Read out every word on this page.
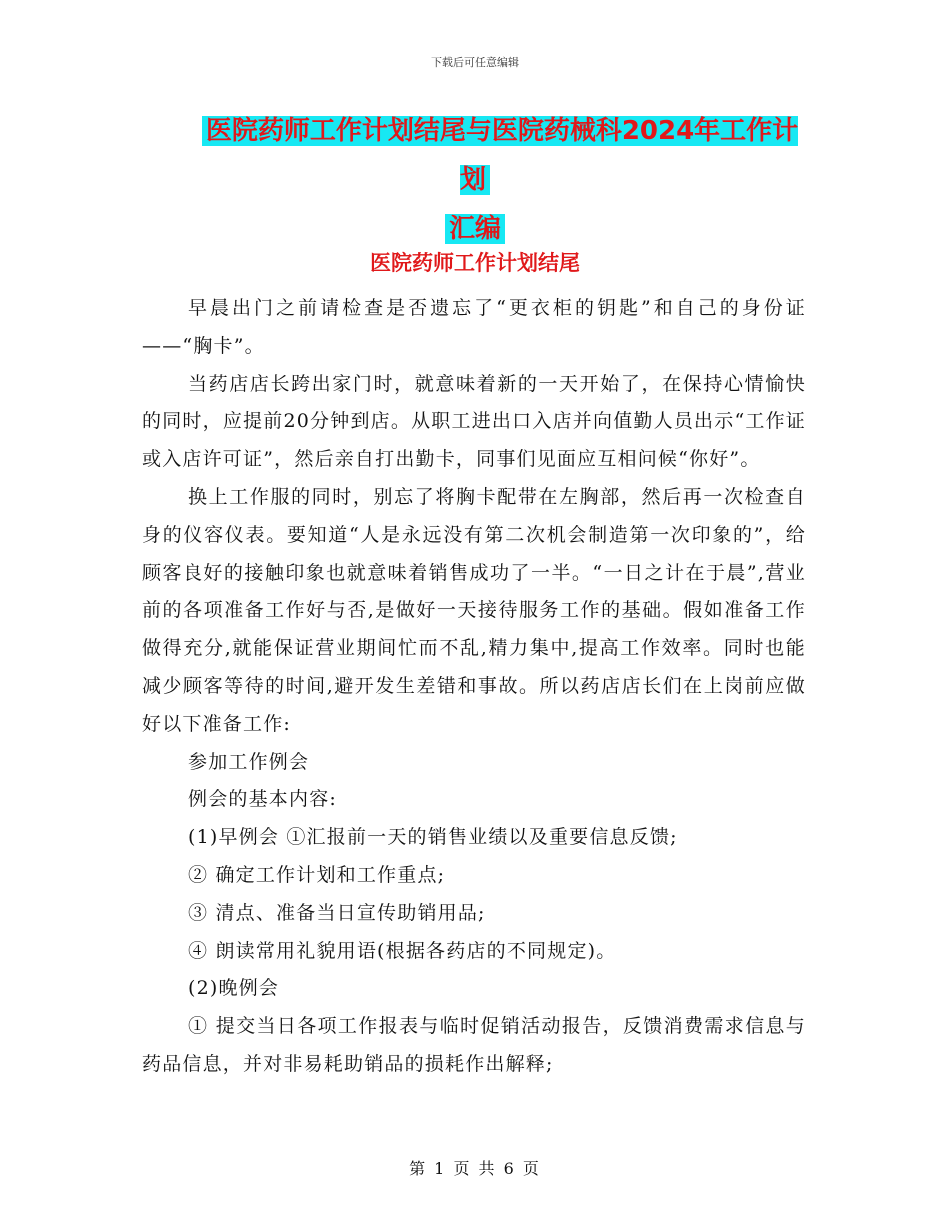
下载后可任意编辑
医院药师工作计划结尾与医院药械科2024年工作计划
汇编
医院药师工作计划结尾

早晨出门之前请检查是否遗忘了“更衣柜的钥匙”和自己的身份证——“胸卡”。

当药店店长跨出家门时，就意味着新的一天开始了，在保持心情愉快的同时，应提前20分钟到店。从职工进出口入店并向值勤人员出示“工作证或入店许可证”，然后亲自打出勤卡，同事们见面应互相问候“你好”。

换上工作服的同时，别忘了将胸卡配带在左胸部，然后再一次检查自身的仪容仪表。要知道“人是永远没有第二次机会制造第一次印象的”，给顾客良好的接触印象也就意味着销售成功了一半。“一日之计在于晨”,营业前的各项准备工作好与否,是做好一天接待服务工作的基础。假如准备工作做得充分,就能保证营业期间忙而不乱,精力集中,提高工作效率。同时也能减少顾客等待的时间,避开发生差错和事故。所以药店店长们在上岗前应做好以下准备工作:

参加工作例会

例会的基本内容:

(1)早例会 ①汇报前一天的销售业绩以及重要信息反馈;

② 确定工作计划和工作重点;

③ 清点、准备当日宣传助销用品;

④ 朗读常用礼貌用语(根据各药店的不同规定)。

(2)晚例会

① 提交当日各项工作报表与临时促销活动报告，反馈消费需求信息与药品信息，并对非易耗助销品的损耗作出解释;

第 1 页 共 6 页
